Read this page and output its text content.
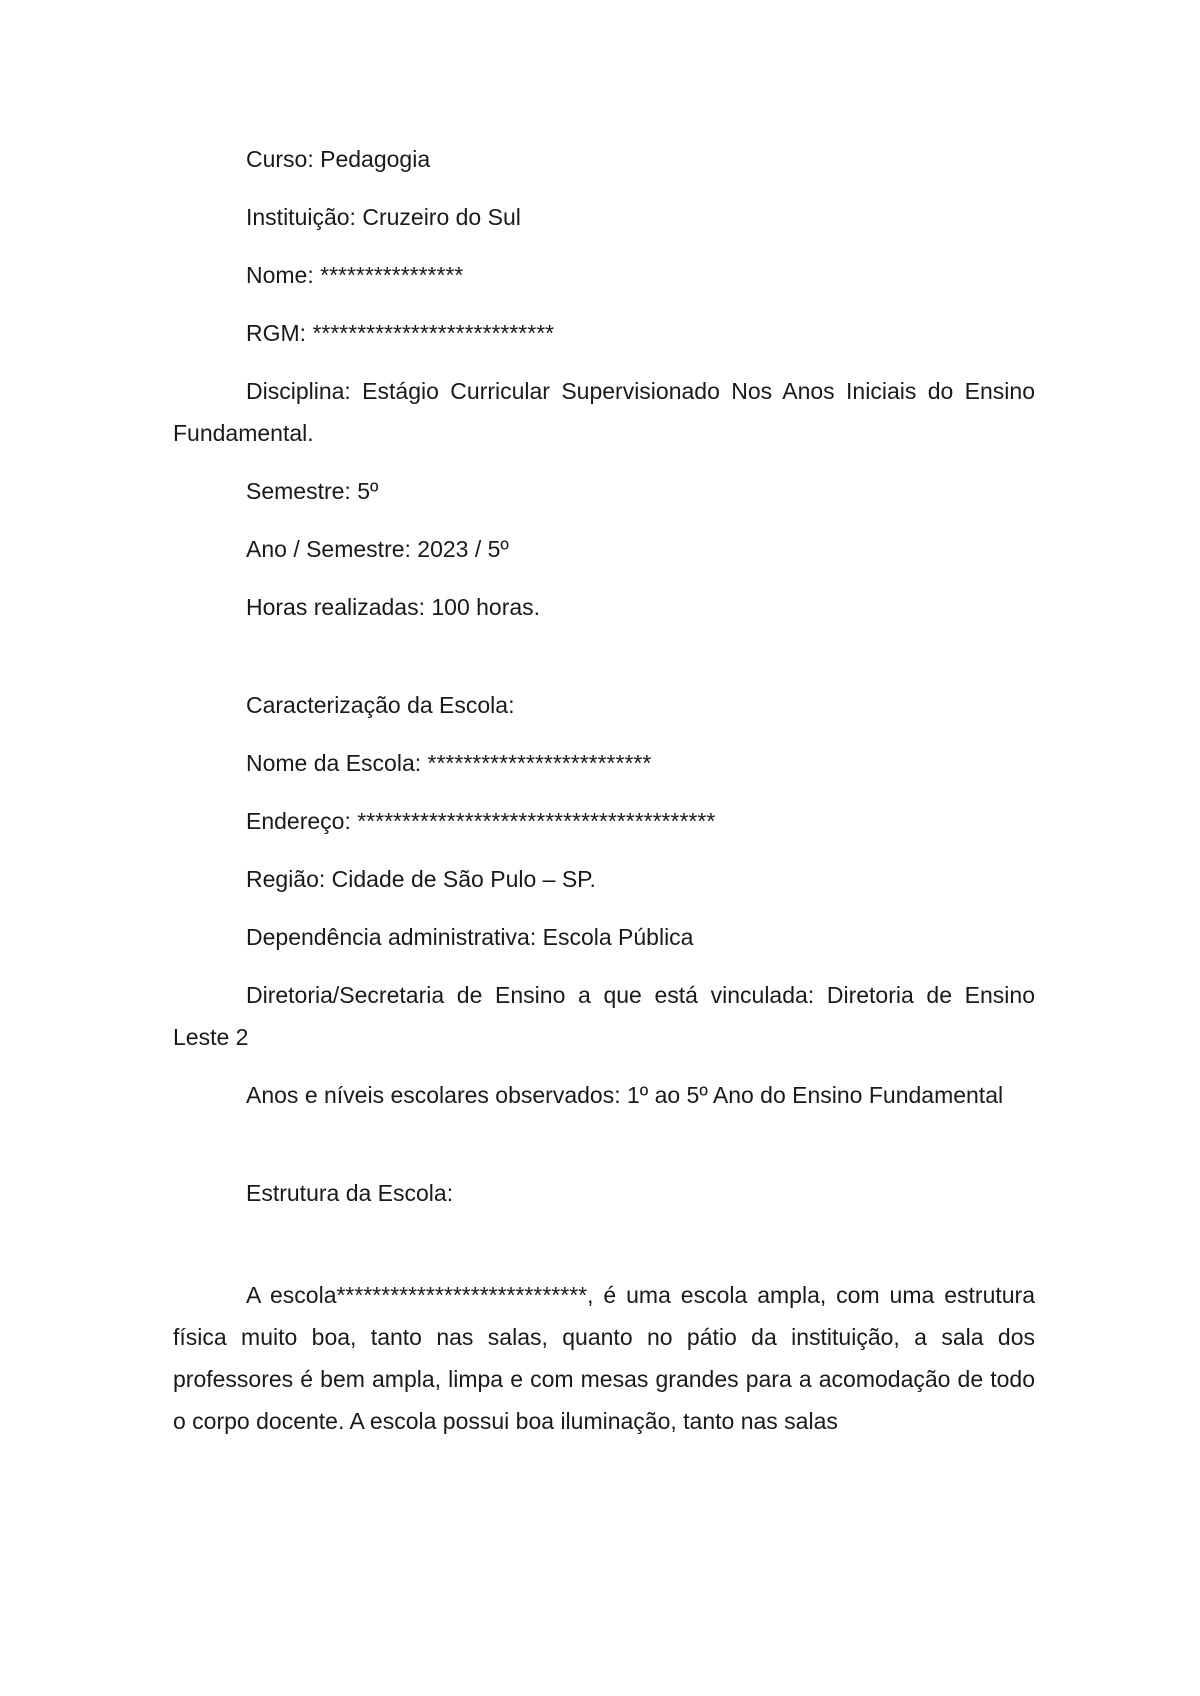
Curso: Pedagogia

Instituição: Cruzeiro do Sul

Nome: ****************

RGM: ***************************

Disciplina: Estágio Curricular Supervisionado Nos Anos Iniciais do Ensino Fundamental.

Semestre: 5º

Ano / Semestre: 2023 / 5º

Horas realizadas: 100 horas.

Caracterização da Escola:

Nome da Escola: *************************

Endereço: ****************************************

Região: Cidade de São Pulo – SP.

Dependência administrativa: Escola Pública

Diretoria/Secretaria de Ensino a que está vinculada: Diretoria de Ensino Leste 2

Anos e níveis escolares observados: 1º ao 5º Ano do Ensino Fundamental

Estrutura da Escola:

A escola****************************, é uma escola ampla, com uma estrutura física muito boa, tanto nas salas, quanto no pátio da instituição, a sala dos professores é bem ampla, limpa e com mesas grandes para a acomodação de todo o corpo docente. A escola possui boa iluminação, tanto nas salas
